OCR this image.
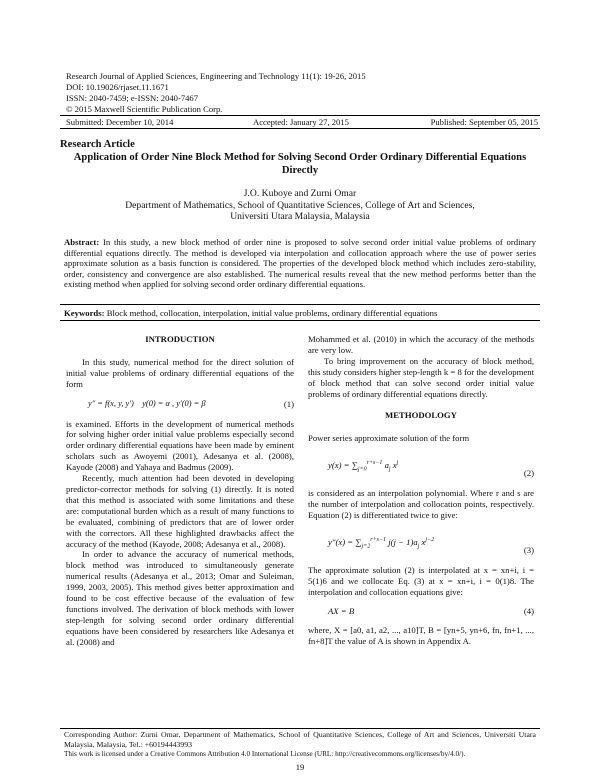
Research Journal of Applied Sciences, Engineering and Technology 11(1): 19-26, 2015
DOI: 10.19026/rjaset.11.1671
ISSN: 2040-7459; e-ISSN: 2040-7467
© 2015 Maxwell Scientific Publication Corp.
Submitted: December 10, 2014	Accepted: January 27, 2015	Published: September 05, 2015
Research Article
Application of Order Nine Block Method for Solving Second Order Ordinary Differential Equations Directly
J.O. Kuboye and Zurni Omar
Department of Mathematics, School of Quantitative Sciences, College of Art and Sciences,
Universiti Utara Malaysia, Malaysia
Abstract: In this study, a new block method of order nine is proposed to solve second order initial value problems of ordinary differential equations directly. The method is developed via interpolation and collocation approach where the use of power series approximate solution as a basis function is considered. The properties of the developed block method which includes zero-stability, order, consistency and convergence are also established. The numerical results reveal that the new method performs better than the existing method when applied for solving second order ordinary differential equations.
Keywords: Block method, collocation, interpolation, initial value problems, ordinary differential equations
INTRODUCTION

In this study, numerical method for the direct solution of initial value problems of ordinary differential equations of the form

y″ = f(x, y, y′)    y(0) = α , y′(0) = β	(1)

is examined. Efforts in the development of numerical methods for solving higher order initial value problems especially second order ordinary differential equations have been made by eminent scholars such as Awoyemi (2001), Adesanya et al. (2008), Kayode (2008) and Yahaya and Badmus (2009).

Recently, much attention had been devoted in developing predictor-corrector methods for solving (1) directly. It is noted that this method is associated with some limitations and these are: computational burden which as a result of many functions to be evaluated, combining of predictors that are of lower order with the correctors. All these highlighted drawbacks affect the accuracy of the method (Kayode, 2008; Adesanya et al., 2008).

In order to advance the accuracy of numerical methods, block method was introduced to simultaneously generate numerical results (Adesanya et al., 2013; Omar and Suleiman, 1999, 2003, 2005). This method gives better approximation and found to be cost effective because of the evaluation of few functions involved. The derivation of block methods with lower step-length for solving second order ordinary differential equations have been considered by researchers like Adesanya et al. (2008) and

Mohammed et al. (2010) in which the accuracy of the methods are very low.

To bring improvement on the accuracy of block method, this study considers higher step-length k = 8 for the development of block method that can solve second order initial value problems of ordinary differential equations directly.

METHODOLOGY

Power series approximate solution of the form

$y(x) = \sum_{j=0}^{r+s-1}$ $a_j$ $x^j$
(2)

is considered as an interpolation polynomial. Where r and s are the number of interpolation and collocation points, respectively. Equation (2) is differentiated twice to give:

$y''(x) = \sum_{j=2}^{r+s-1}$ $j(j - 1)a_j$ $x^{j-2}$
(3)

The approximate solution (2) is interpolated at x = xn+i, i = 5(1)6 and we collocate Eq. (3) at x = xn+i, i = 0(1)8. The interpolation and collocation equations give:

AX = B	(4)

where, X = [a0, a1, a2, ..., a10]T, B = [yn+5, yn+6, fn, fn+1, ..., fn+8]T the value of A is shown in Appendix A.

Corresponding Author: Zurni Omar, Department of Mathematics, School of Quantitative Sciences, College of Art and Sciences, Universiti Utara Malaysia, Malaysia, Tel.: +60194443993
This work is licensed under a Creative Commons Attribution 4.0 International License (URL: http://creativecommons.org/licenses/by/4.0/).
19
